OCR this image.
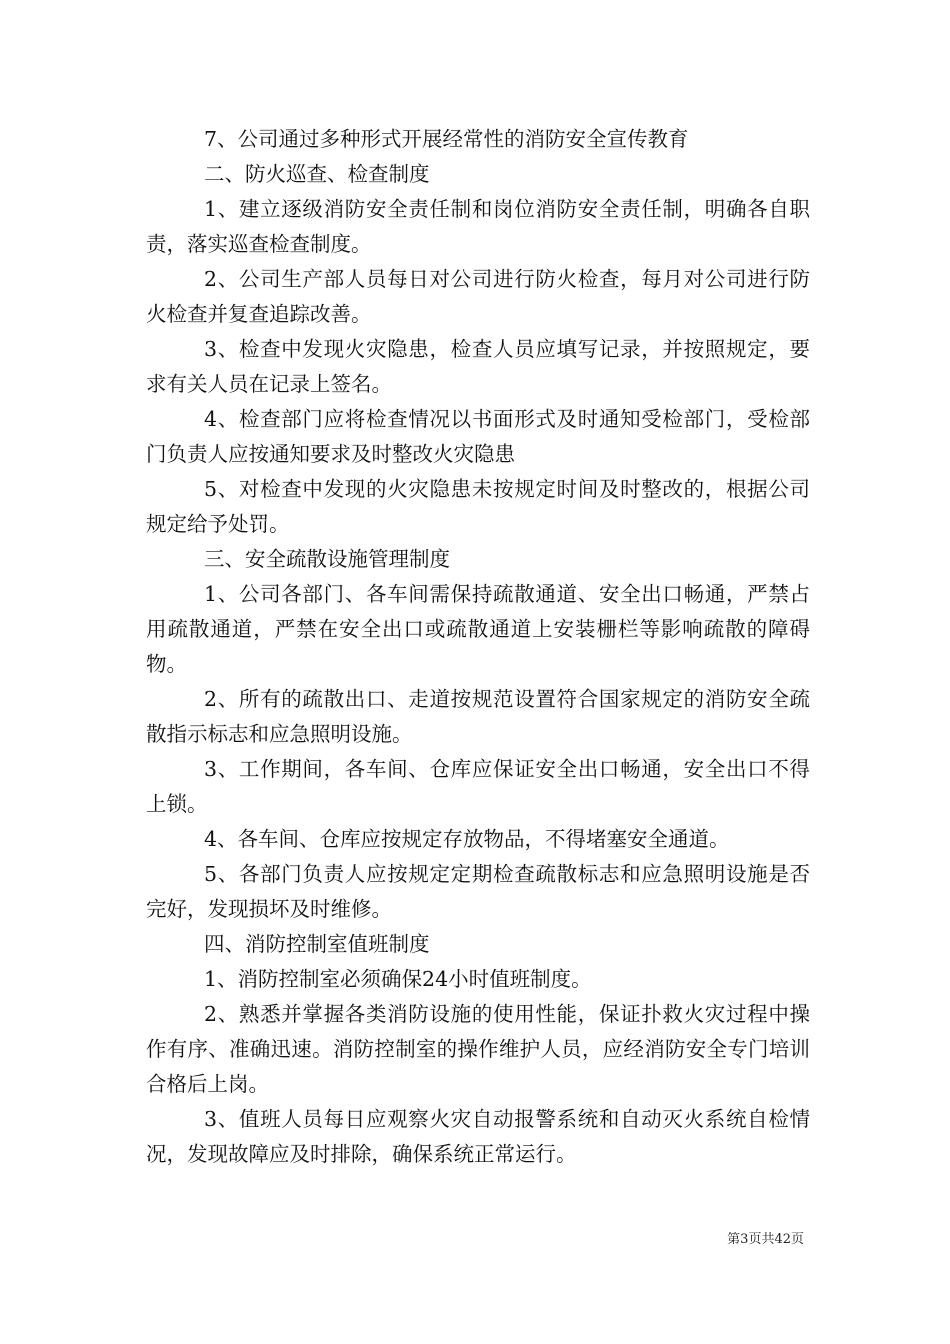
7、公司通过多种形式开展经常性的消防安全宣传教育

二、防火巡查、检查制度

1、建立逐级消防安全责任制和岗位消防安全责任制，明确各自职责，落实巡查检查制度。

2、公司生产部人员每日对公司进行防火检查，每月对公司进行防火检查并复查追踪改善。

3、检查中发现火灾隐患，检查人员应填写记录，并按照规定，要求有关人员在记录上签名。

4、检查部门应将检查情况以书面形式及时通知受检部门，受检部门负责人应按通知要求及时整改火灾隐患

5、对检查中发现的火灾隐患未按规定时间及时整改的，根据公司规定给予处罚。

三、安全疏散设施管理制度

1、公司各部门、各车间需保持疏散通道、安全出口畅通，严禁占用疏散通道，严禁在安全出口或疏散通道上安装栅栏等影响疏散的障碍物。

2、所有的疏散出口、走道按规范设置符合国家规定的消防安全疏散指示标志和应急照明设施。

3、工作期间，各车间、仓库应保证安全出口畅通，安全出口不得上锁。

4、各车间、仓库应按规定存放物品，不得堵塞安全通道。

5、各部门负责人应按规定定期检查疏散标志和应急照明设施是否完好，发现损坏及时维修。

四、消防控制室值班制度

1、消防控制室必须确保24小时值班制度。

2、熟悉并掌握各类消防设施的使用性能，保证扑救火灾过程中操作有序、准确迅速。消防控制室的操作维护人员，应经消防安全专门培训合格后上岗。

3、值班人员每日应观察火灾自动报警系统和自动灭火系统自检情况，发现故障应及时排除，确保系统正常运行。

第3页共42页
